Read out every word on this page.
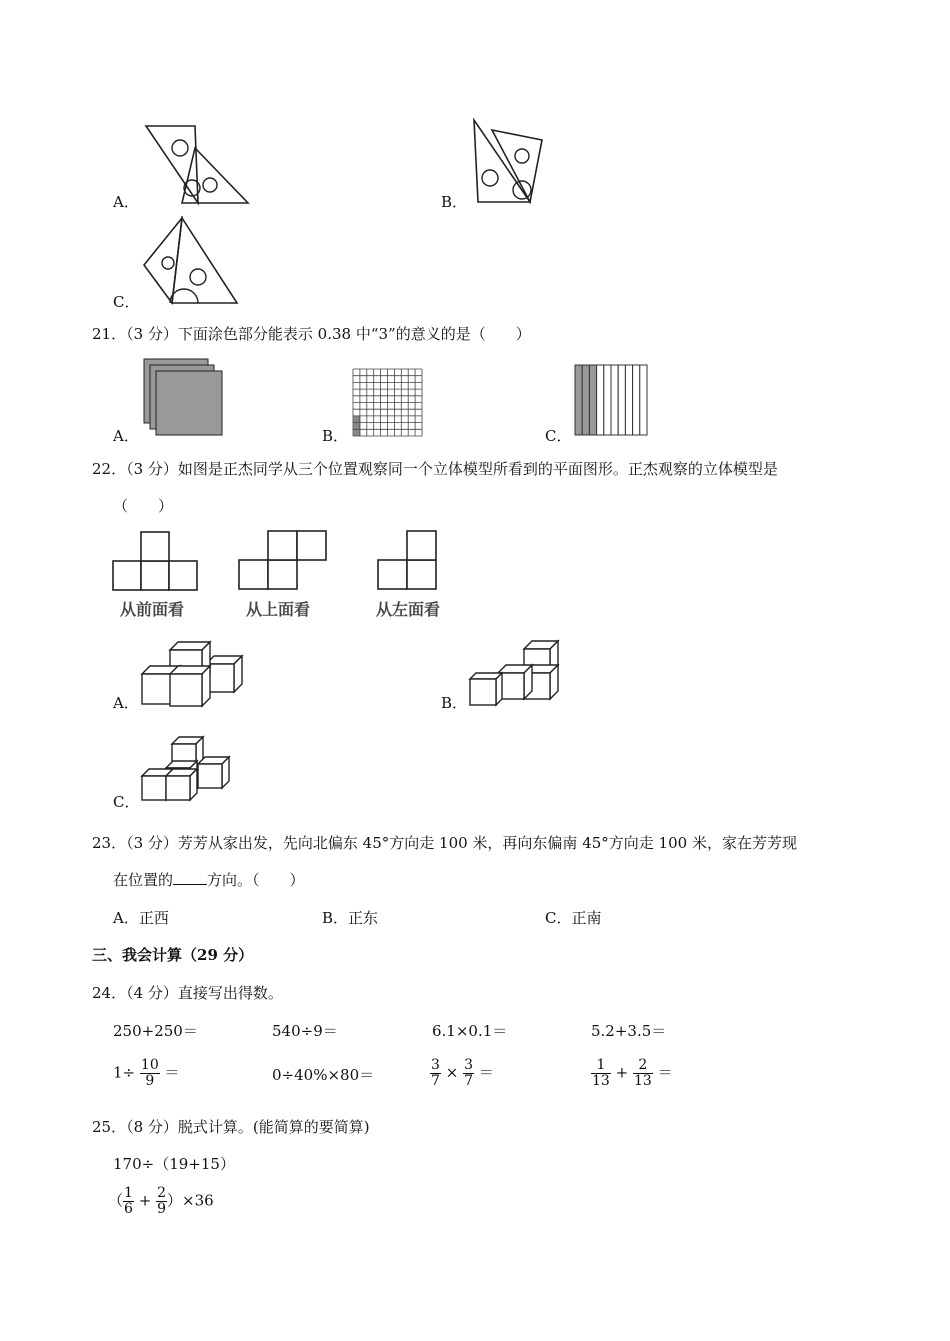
A．	B．
C．
21．（3 分）下面涂色部分能表示 0.38 中“3”的意义的是（　　）
A．	B．	C．
22．（3 分）如图是正杰同学从三个位置观察同一个立体模型所看到的平面图形。正杰观察的立体模型是
（　　）
从前面看	从上面看	从左面看
A．	B．
C．
23．（3 分）芳芳从家出发，先向北偏东 45°方向走 100 米，再向东偏南 45°方向走 100 米，家在芳芳现
在位置的 方向。（　　）
A．正西	B．正东	C．正南
三、我会计算（29 分）
24．（4 分）直接写出得数。
250+250＝	540÷9＝	6.1×0.1＝	5.2+3.5＝
$1\div \frac{10}{9}$ ＝	0÷40%×80＝	$\frac{3}{7} \times \frac{3}{7}$ ＝	$\frac{1}{13} + \frac{2}{13}$ ＝
25．（8 分）脱式计算。(能简算的要简算)
170÷（19+15）
（ $\frac{1}{6} + \frac{2}{9} )\times 36$
